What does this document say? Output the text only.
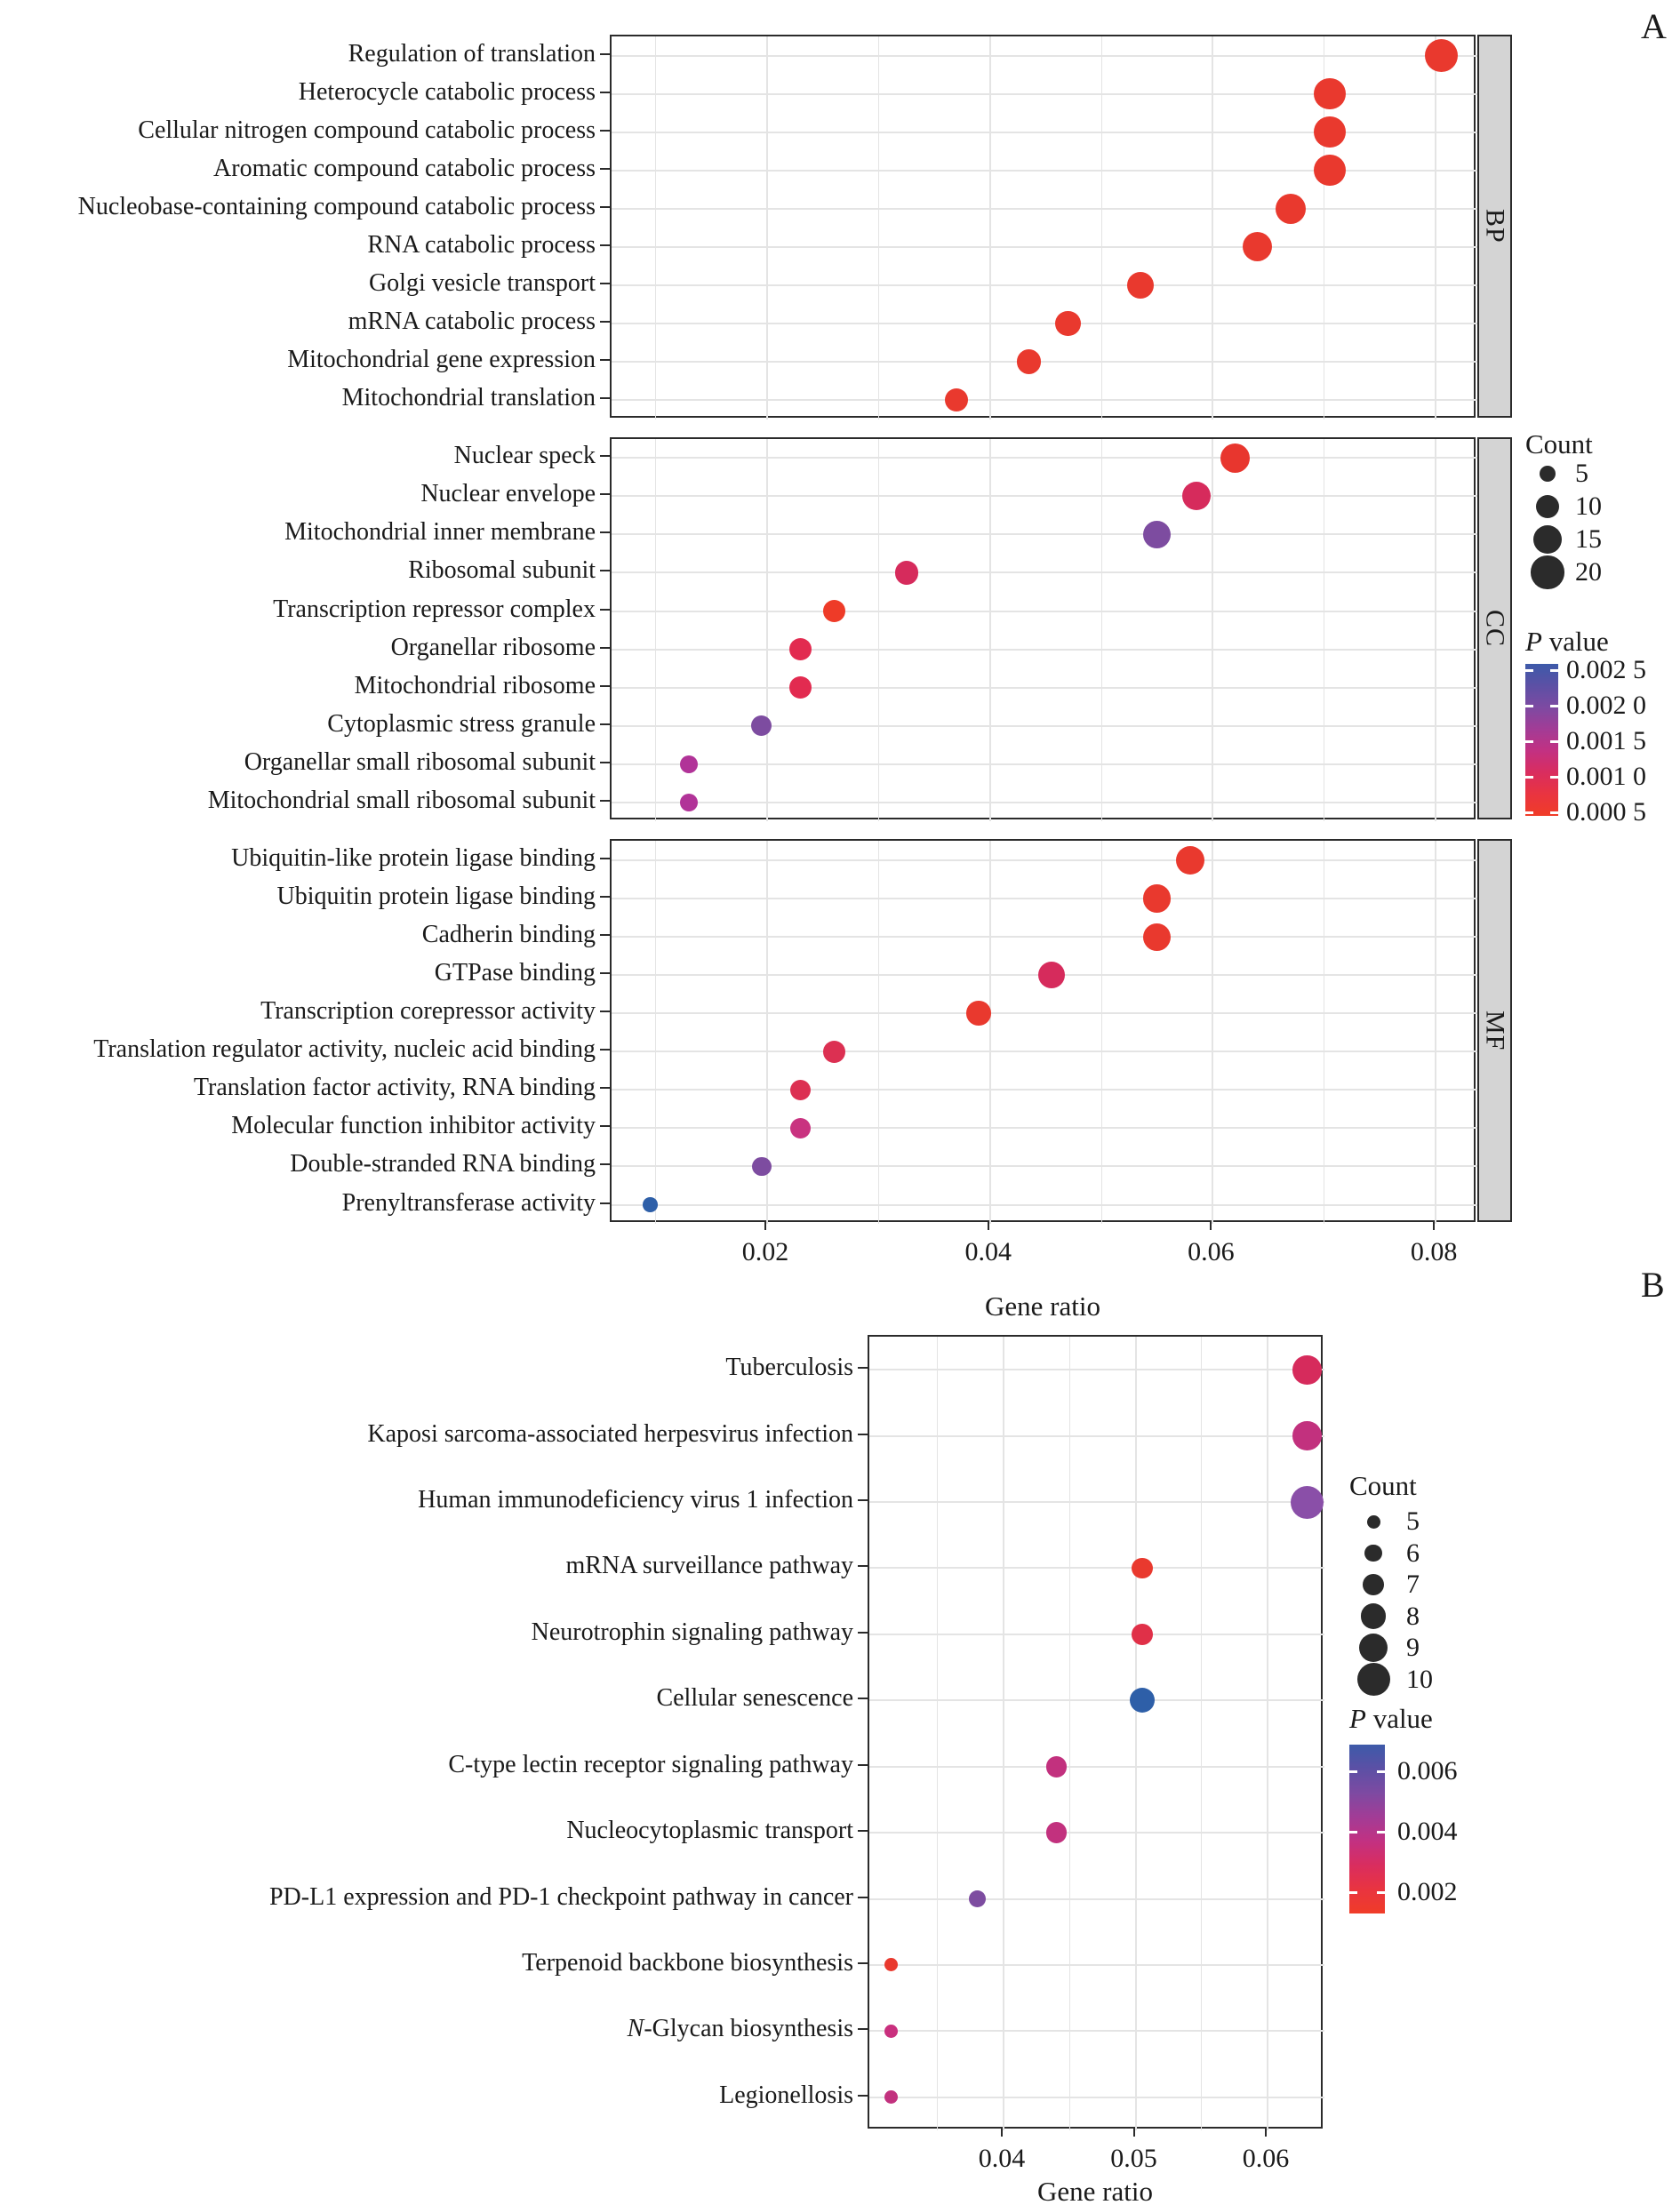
A
B
Gene ratio
Gene ratio
Regulation of translation
Heterocycle catabolic process
Cellular nitrogen compound catabolic process
Aromatic compound catabolic process
Nucleobase-containing compound catabolic process
RNA catabolic process
Golgi vesicle transport
mRNA catabolic process
Mitochondrial gene expression
Mitochondrial translation
BP
Nuclear speck
Nuclear envelope
Mitochondrial inner membrane
Ribosomal subunit
Transcription repressor complex
Organellar ribosome
Mitochondrial ribosome
Cytoplasmic stress granule
Organellar small ribosomal subunit
Mitochondrial small ribosomal subunit
CC
Ubiquitin-like protein ligase binding
Ubiquitin protein ligase binding
Cadherin binding
GTPase binding
Transcription corepressor activity
Translation regulator activity, nucleic acid binding
Translation factor activity, RNA binding
Molecular function inhibitor activity
Double-stranded RNA binding
Prenyltransferase activity
MF
0.02	0.04	0.06	0.08
Count
5
10
15
20
P value
0.002 5
0.002 0
0.001 5
0.001 0
0.000 5
Tuberculosis
Kaposi sarcoma-associated herpesvirus infection
Human immunodeficiency virus 1 infection
mRNA surveillance pathway
Neurotrophin signaling pathway
Cellular senescence
C-type lectin receptor signaling pathway
Nucleocytoplasmic transport
PD-L1 expression and PD-1 checkpoint pathway in cancer
Terpenoid backbone biosynthesis
N-Glycan biosynthesis
Legionellosis
0.04	0.05	0.06
Count
5
6
7
8
9
10
P value
0.006
0.004
0.002
